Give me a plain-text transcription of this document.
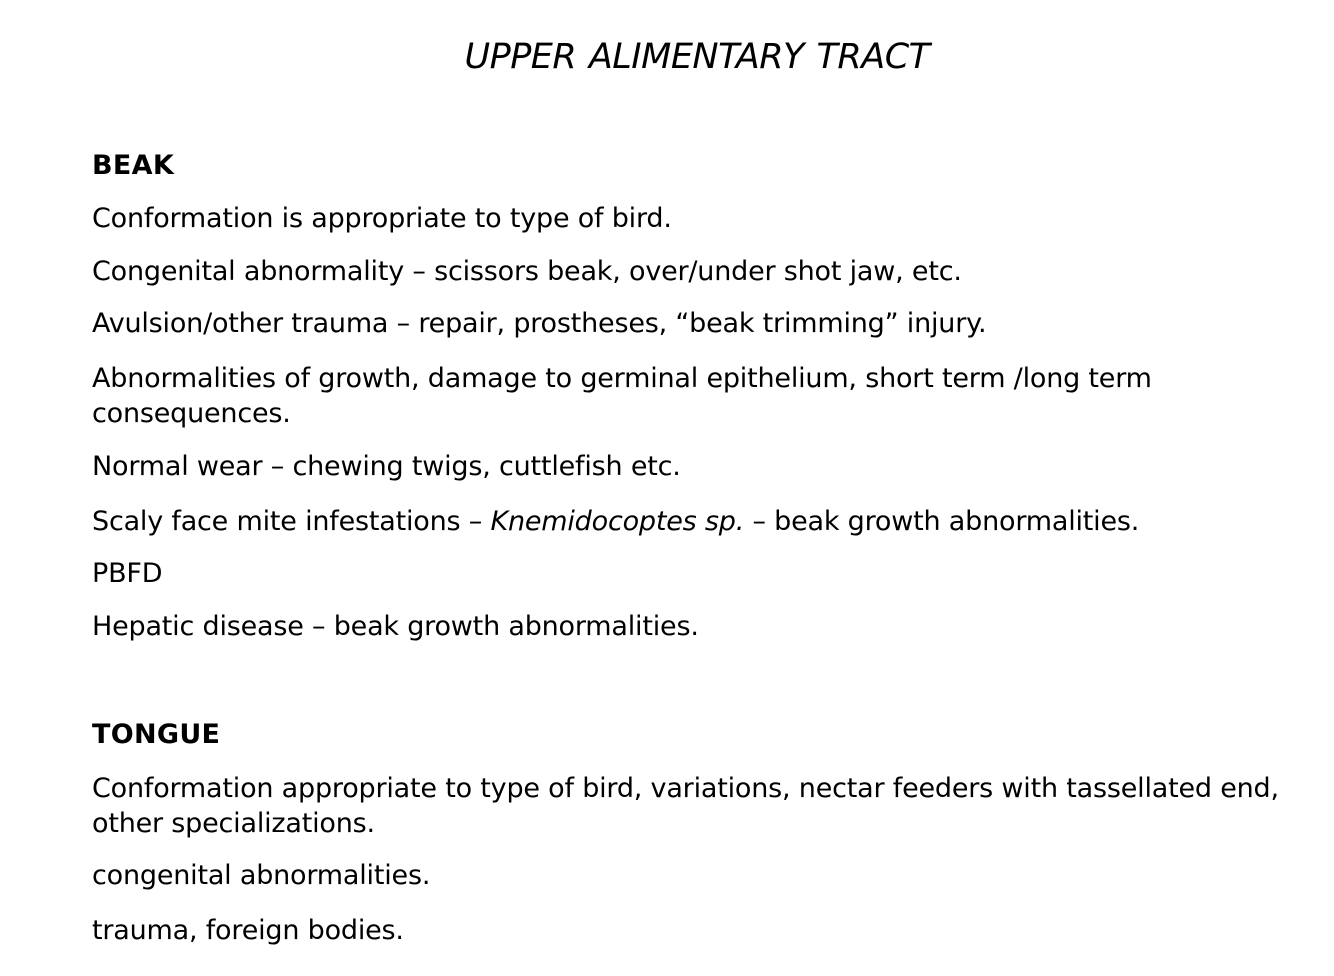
UPPER ALIMENTARY TRACT
BEAK
Conformation is appropriate to type of bird.
Congenital abnormality – scissors beak, over/under shot jaw, etc.
Avulsion/other trauma – repair, prostheses, “beak trimming” injury.
Abnormalities of growth, damage to germinal epithelium, short term /long term consequences.
Normal wear – chewing twigs, cuttlefish etc.
Scaly face mite infestations – Knemidocoptes sp. – beak growth abnormalities.
PBFD
Hepatic disease – beak growth abnormalities.
TONGUE
Conformation appropriate to type of bird, variations, nectar feeders with tassellated end, other specializations.
congenital abnormalities.
trauma, foreign bodies.
